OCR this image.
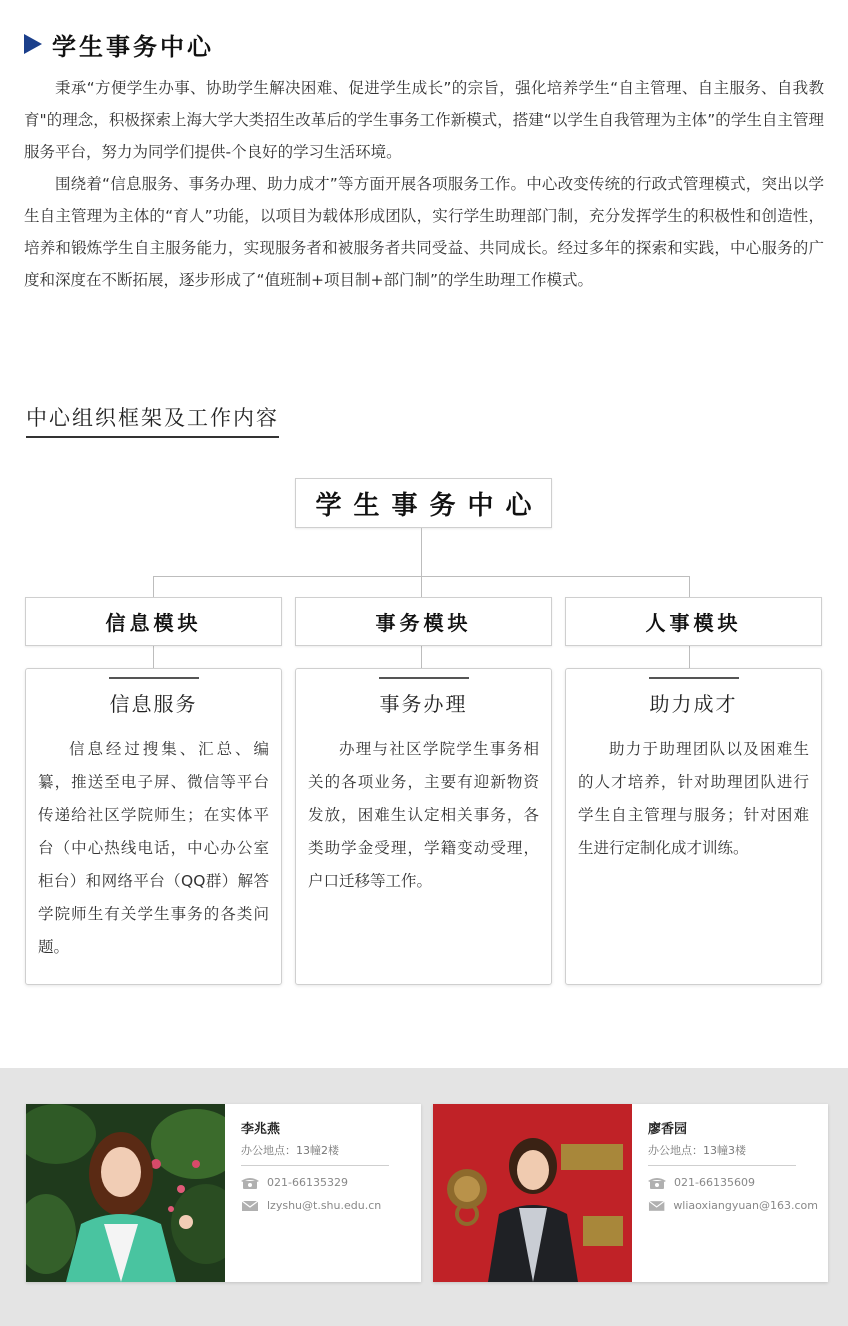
学生事务中心

秉承“方便学生办事、协助学生解决困难、促进学生成长”的宗旨，强化培养学生“自主管理、自主服务、自我教育"的理念，积极探索上海大学大类招生改革后的学生事务工作新模式，搭建“以学生自我管理为主体”的学生自主管理服务平台，努力为同学们提供-个良好的学习生活环境。

围绕着“信息服务、事务办理、助力成才”等方面开展各项服务工作。中心改变传统的行政式管理模式，突出以学生自主管理为主体的“育人”功能，以项目为载体形成团队，实行学生助理部门制，充分发挥学生的积极性和创造性，培养和锻炼学生自主服务能力，实现服务者和被服务者共同受益、共同成长。经过多年的探索和实践，中心服务的广度和深度在不断拓展，逐步形成了“值班制+项目制+部门制”的学生助理工作模式。

中心组织框架及工作内容
学生事务中心
信息模块	事务模块	人事模块
信息服务
信息经过搜集、汇总、编纂，推送至电子屏、微信等平台传递给社区学院师生；在实体平台（中心热线电话，中心办公室柜台）和网络平台（QQ群）解答学院师生有关学生事务的各类问题。
事务办理
办理与社区学院学生事务相关的各项业务，主要有迎新物资发放，困难生认定相关事务，各类助学金受理，学籍变动受理，户口迁移等工作。
助力成才
助力于助理团队以及困难生的人才培养，针对助理团队进行学生自主管理与服务；针对困难生进行定制化成才训练。
李兆燕
办公地点：13幢2楼
021-66135329
lzyshu@t.shu.edu.cn
廖香园
办公地点：13幢3楼
021-66135609
wliaoxiangyuan@163.com
